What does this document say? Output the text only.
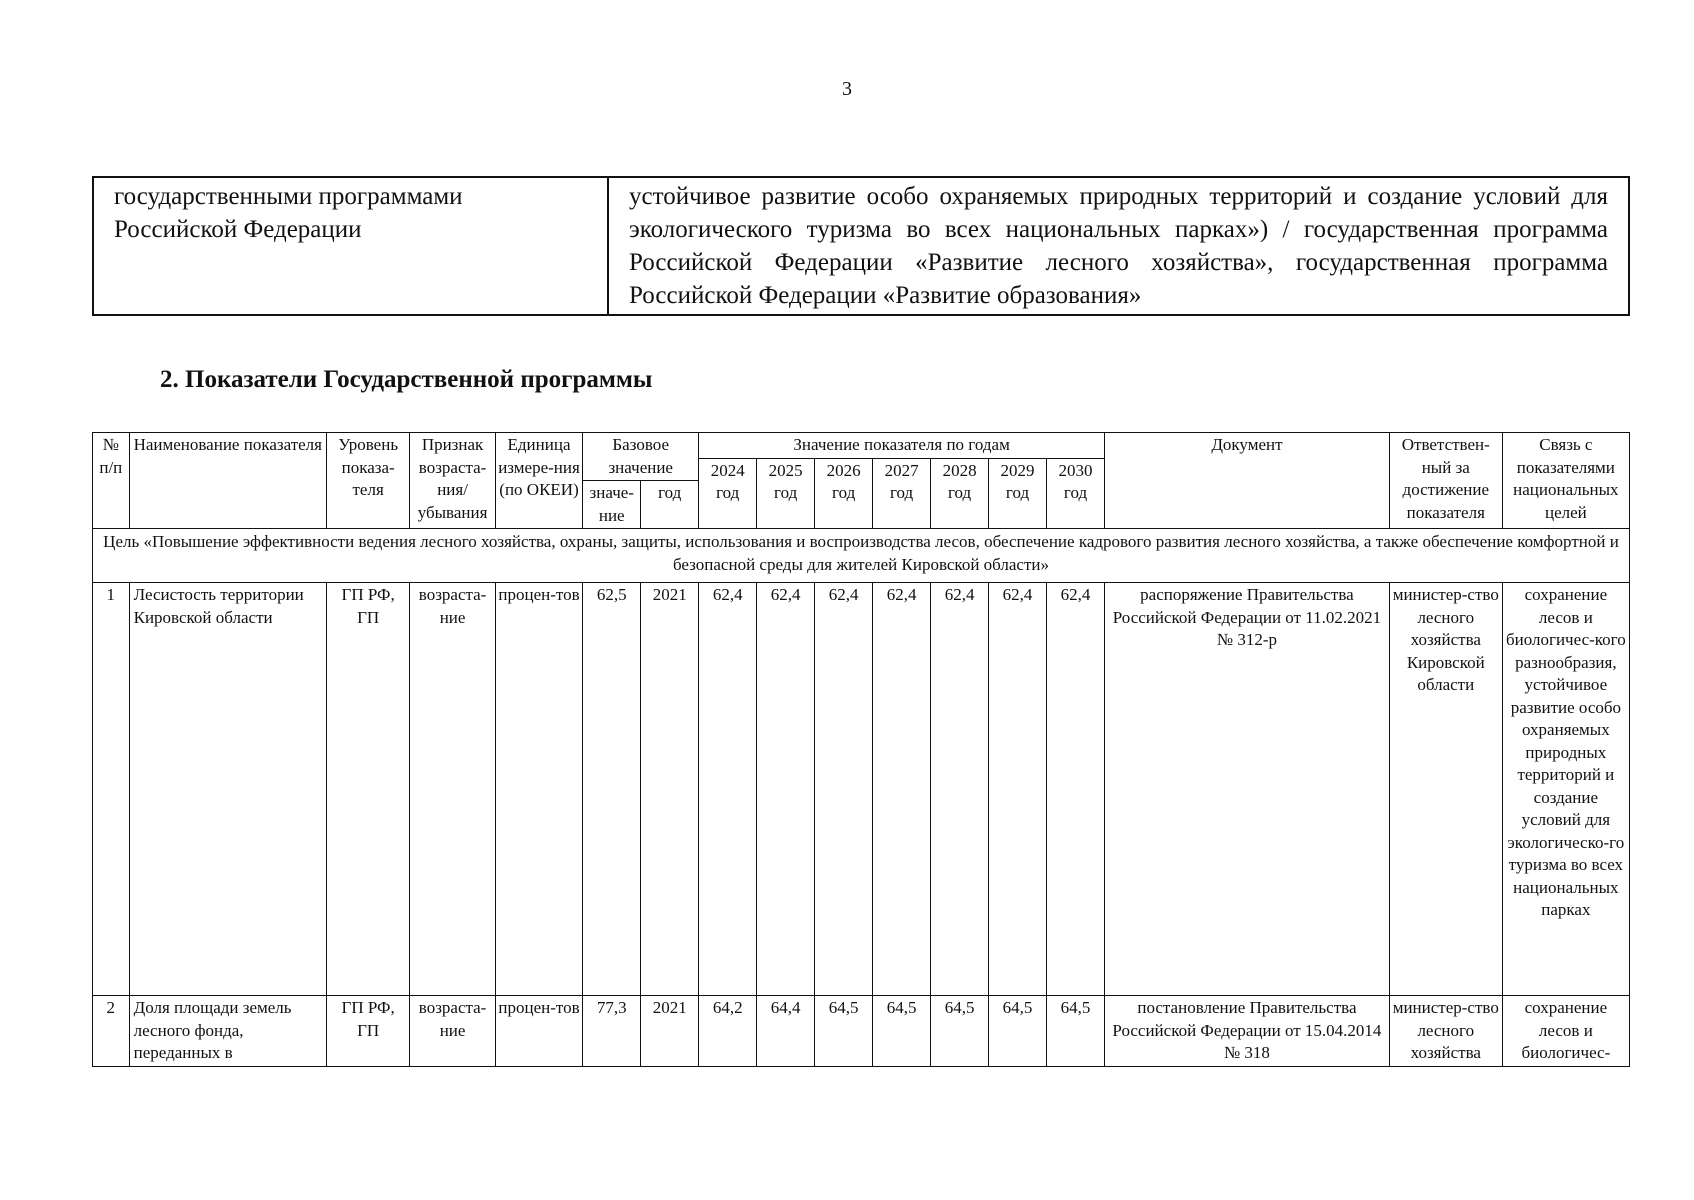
3
государственными программами
Российской Федерации
	устойчивое развитие особо охраняемых природных территорий и создание условий для экологического туризма во всех национальных парках») / государственная программа Российской Федерации «Развитие лесного хозяйства», государственная программа Российской Федерации «Развитие образования»
2. Показатели Государственной программы
№ п/п	Наименование показателя	Уровень показа-теля	Признак возраста-ния/ убывания	Единица измере-ния (по ОКЕИ)	Базовое значение		Значение показателя по годам							Документ	Ответствен-ный за достижение показателя	Связь с показателями национальных целей
							2024 год	2025 год	2026 год	2027 год	2028 год	2029 год	2030 год			
					значе-ние	год										
Цель «Повышение эффективности ведения лесного хозяйства, охраны, защиты, использования и воспроизводства лесов, обеспечение кадрового развития лесного хозяйства, а также обеспечение комфортной и безопасной среды для жителей Кировской области»																
1	Лесистость территории Кировской области	ГП РФ, ГП	возраста-ние	процен-тов	62,5	2021	62,4	62,4	62,4	62,4	62,4	62,4	62,4	распоряжение Правительства Российской Федерации от 11.02.2021 № 312-р	министер-ство лесного хозяйства Кировской области	сохранение лесов и биологичес-кого разнообразия, устойчивое развитие особо охраняемых природных территорий и создание условий для экологическо-го туризма во всех национальных парках
2	Доля площади земель лесного фонда, переданных в	ГП РФ, ГП	возраста-ние	процен-тов	77,3	2021	64,2	64,4	64,5	64,5	64,5	64,5	64,5	постановление Правительства Российской Федерации от 15.04.2014 № 318	министер-ство лесного хозяйства	сохранение лесов и биологичес-
